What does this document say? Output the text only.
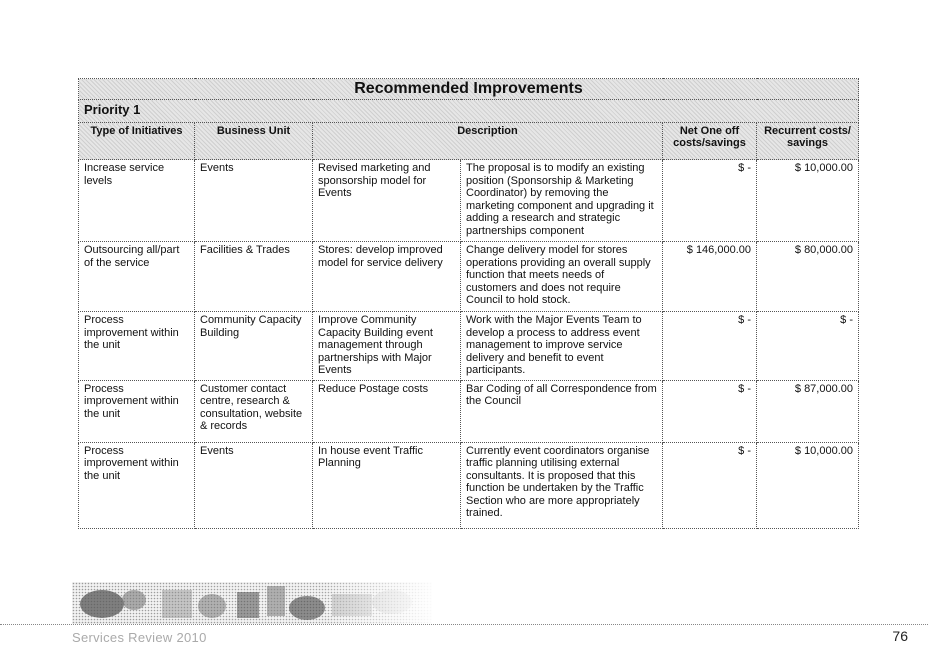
Recommended Improvements					
Priority 1					
Type of Initiatives	Business Unit	Description		Net One off costs/savings	Recurrent costs/ savings
Increase service levels	Events	Revised marketing and sponsorship model for Events	The proposal is to modify an existing position (Sponsorship & Marketing Coordinator) by removing the marketing component and upgrading it adding a research and strategic partnerships component	$ -	$ 10,000.00
Outsourcing all/part of the service	Facilities & Trades	Stores: develop improved model for service delivery	Change delivery model for stores operations providing an overall supply function that meets needs of customers and does not require Council to hold stock.	$ 146,000.00	$ 80,000.00
Process improvement within the unit	Community Capacity Building	Improve Community Capacity Building event management through partnerships with Major Events	Work with the Major Events Team to develop a process to address event management to improve service delivery and benefit to event participants.	$ -	$ -
Process improvement within the unit	Customer contact centre, research & consultation, website & records	Reduce Postage costs	Bar Coding of all Correspondence from the Council	$ -	$ 87,000.00
Process improvement within the unit	Events	In house event Traffic Planning	Currently event coordinators organise traffic planning utilising external consultants. It is proposed that this function be undertaken by the Traffic Section who are more appropriately trained.	$ -	$ 10,000.00
Services Review 2010	76
